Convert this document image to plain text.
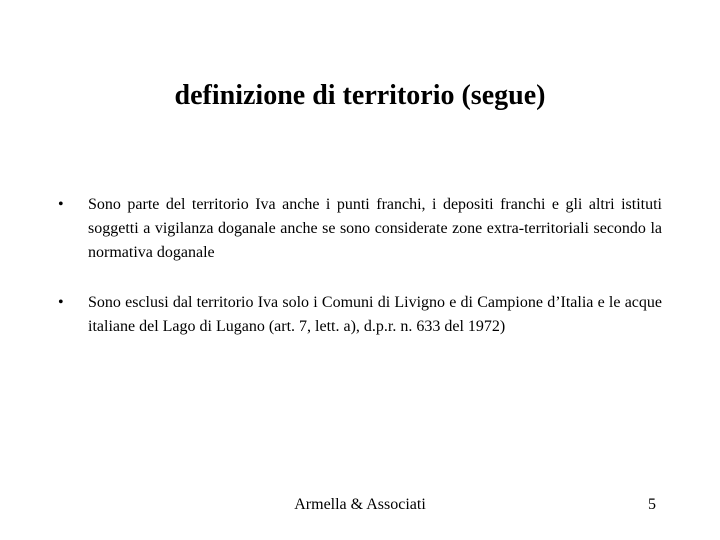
definizione di territorio (segue)
•	Sono parte del territorio Iva anche i punti franchi, i depositi franchi e gli altri istituti soggetti a vigilanza doganale anche se sono considerate zone extra-territoriali secondo la normativa doganale
•	Sono esclusi dal territorio Iva solo i Comuni di Livigno e di Campione d’Italia e le acque italiane del Lago di Lugano (art. 7, lett. a), d.p.r. n. 633 del 1972)
Armella & Associati	5
